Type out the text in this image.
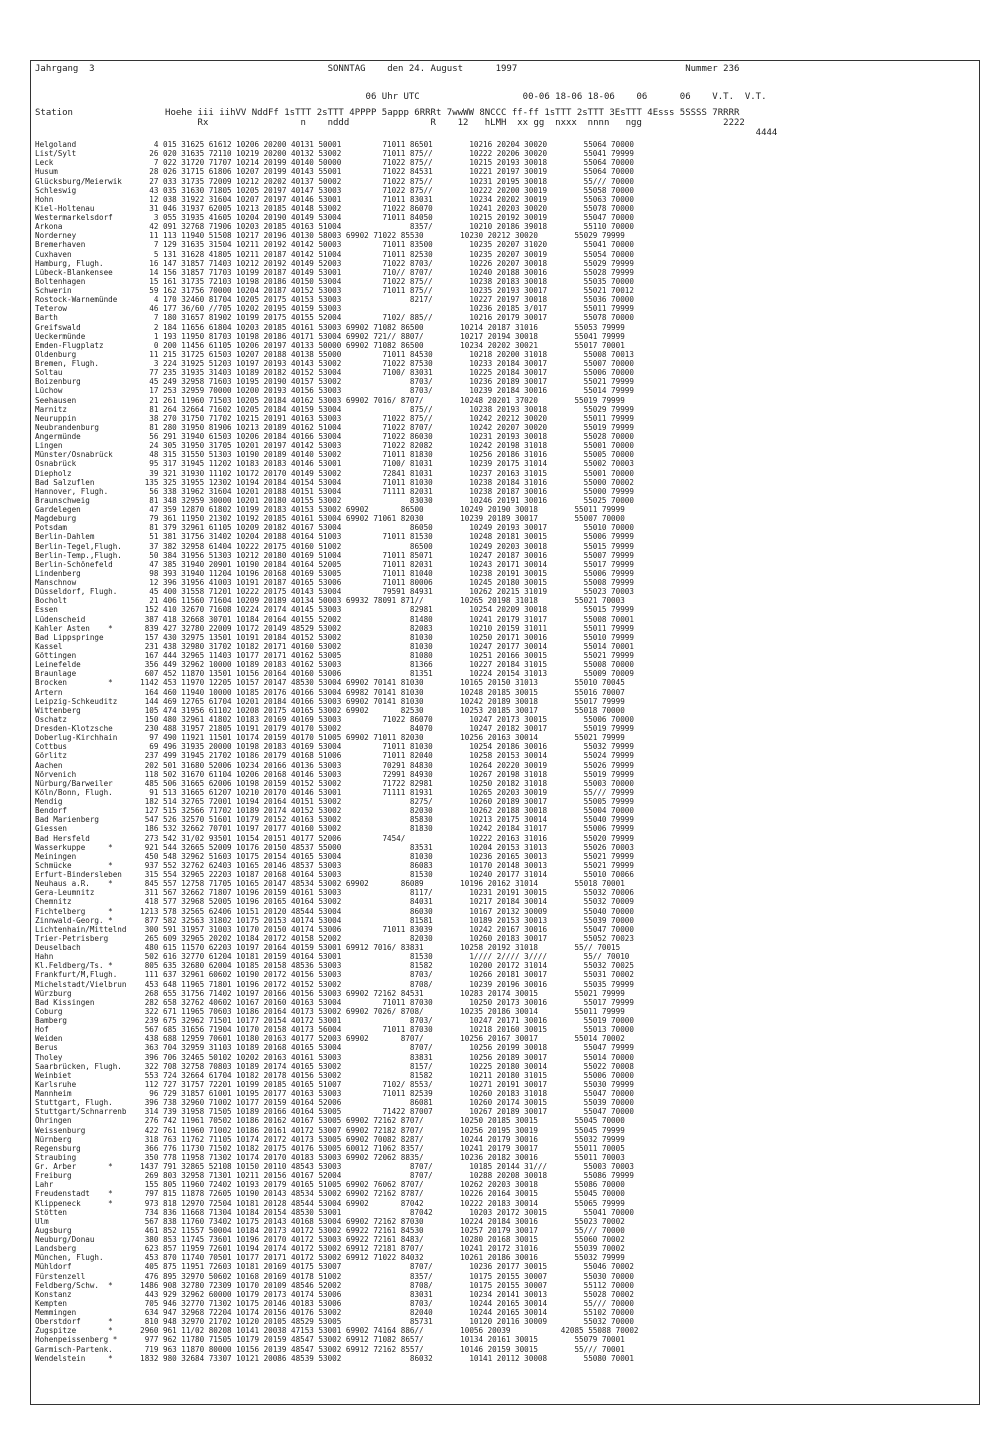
Jahrgang  3                                           SONNTAG    den 24. August      1997                               Nummer 236
06 Uhr UTC                   00-06 18-06 18-06    06      06    V.T.  V.T.
Station                 Hoehe iii iihVV NddFf 1sTTT 2sTTT 4PPPP 5appp 6RRRt 7wwWW 8NCCC ff-ff 1sTTT 2sTTT 3EsTTT 4Esss 5SSSS 7RRRR
Rx                 n    nddd               R    12   hLMH  xx gg  nxxx  nnnn   ngg               2222
4444
Helgoland                 4 015 31625 61612 10206 20200 40131 50001         71011 86501        10216 20204 30020        55064 70000
List/Sylt                26 020 31635 72110 10219 20200 40132 53002         71011 875//        10222 20206 30020        55041 79999
Leck                      7 022 31720 71707 10214 20199 40140 50000         71022 875//        10215 20193 30018        55064 70000
Husum                    28 026 31715 61806 10207 20199 40143 55001         71022 84531        10221 20197 30019        55064 70000
Glücksburg/Meierwik      27 033 31735 72009 10212 20202 40137 50002         71022 875//        10231 20195 30018        55/// 70000
Schleswig                43 035 31630 71805 10205 20197 40147 53003         71022 875//        10222 20200 30019        55058 70000
Hohn                     12 038 31922 31604 10207 20197 40146 53001         71011 83031        10234 20202 30019        55063 70000
Kiel-Holtenau            31 046 31937 62005 10213 20185 40148 53002         71022 86070        10241 20203 30020        55078 70000
Westermarkelsdorf         3 055 31935 41605 10204 20190 40149 53004         71011 84050        10215 20192 30019        55047 70000
Arkona                   42 091 32768 71906 10203 20185 40163 51004               8357/        10210 20186 39018        55110 70000
Norderney                11 113 11940 51508 10217 20196 40130 58003 69902 71022 85530        10230 20212 30020        55029 79999
Bremerhaven               7 129 31635 31504 10211 20192 40142 50003         71011 83500        10235 20207 31020        55041 70000
Cuxhaven                  5 131 31628 41805 10211 20187 40142 51004         71011 82530        10235 20207 30019        55054 70000
Hamburg, Flugh.          16 147 31857 71403 10212 20192 40149 52003         71022 8703/        10226 20207 30018        55029 79999
Lübeck-Blankensee        14 156 31857 71703 10199 20187 40149 53001         710// 8707/        10240 20188 30016        55028 79999
Boltenhagen              15 161 31735 72103 10198 20186 40150 53004         71022 875//        10238 20183 30018        55035 70000
Schwerin                 59 162 31756 70000 10204 20187 40152 53003         71011 875//        10235 20193 30017        55021 70012
Rostock-Warnemünde        4 170 32460 81704 10205 20175 40153 53003               8217/        10227 20197 30018        55036 70000
Teterow                  46 177 36/60 //705 10202 20195 40159 53003                            10236 20185 3/017        55011 79999
Barth                     7 180 31657 81902 10199 20175 40155 52004         7102/ 885//        10216 20179 30017        55078 70000
Greifswald                2 184 11656 61804 10203 20185 40161 53003 69902 71082 86500        10214 20187 31016        55053 79999
Ueckermünde               1 193 11950 81703 10198 20186 40171 53004 69902 721// 8807/        10217 20194 30018        55041 79999
Emden-Flugplatz           0 200 11456 61105 10206 20197 40133 50000 69902 71082 86500        10234 20202 30021        55017 70001
Oldenburg                11 215 31725 61503 10207 20188 40138 55000         71011 84530        10218 20200 31018        55008 70013
Bremen, Flugh.            3 224 31925 51203 10197 20193 40143 53002         71022 87530        10233 20184 30017        55007 70000
Soltau                   77 235 31935 31403 10189 20182 40152 53004         7100/ 83031        10225 20184 30017        55006 70000
Boizenburg               45 249 32958 71603 10195 20190 40157 53002               8703/        10236 20189 30017        55021 79999
Lüchow                   17 253 32959 70000 10200 20193 40156 53003               8703/        10239 20184 30016        55014 79999
Seehausen                21 261 11960 71503 10205 20184 40162 53003 69902 7016/ 8707/        10248 20201 37020        55019 79999
Marnitz                  81 264 32664 71602 10205 20184 40159 53004               875//        10238 20193 30018        55029 79999
Neuruppin                38 270 31750 71702 10215 20191 40163 53003         71022 875//        10242 20212 30020        55011 79999
Neubrandenburg           81 280 31950 81906 10213 20189 40162 51004         71022 8707/        10242 20207 30020        55019 79999
Angermünde               56 291 31940 61503 10206 20184 40166 53004         71022 86030        10231 20193 30018        55028 70000
Lingen                   24 305 31950 31705 10201 20197 40142 53003         71022 82082        10242 20198 31018        55001 70000
Münster/Osnabrück        48 315 31550 51303 10190 20189 40140 53002         71011 81830        10256 20186 31016        55005 70000
Osnabrück                95 317 31945 11202 10183 20183 40146 53001         7100/ 81031        10239 20175 31014        55002 70003
Diepholz                 39 321 31930 11102 10172 20170 40149 53002         72841 81031        10237 20163 31015        55001 70000
Bad Salzuflen           135 325 31955 12302 10194 20184 40154 53004         71011 81030        10238 20184 31016        55000 70002
Hannover, Flugh.         56 338 31962 31604 10201 20188 40151 53004         71111 82031        10238 20187 30016        55000 79999
Braunschweig             81 348 32959 30000 10201 20180 40155 53002               83030        10246 20191 30016        55025 70000
Gardelegen               47 359 12870 61802 10199 20183 40153 53002 69902       86500        10249 20190 30018        55011 79999
Magdeburg                79 361 11950 21302 10192 20185 40161 53004 69902 71061 82030        10239 20189 30017        55007 70000
Potsdam                  81 379 32961 61105 10209 20182 40167 53004               86050        10249 20193 30017        55010 70000
Berlin-Dahlem            51 381 31756 31402 10204 20188 40164 51003         71011 81530        10248 20181 30015        55006 79999
Berlin-Tegel,Flugh.      37 382 32958 61404 10222 20175 40160 51002               86500        10249 20203 30018        55015 79999
Berlin-Temp.,Flugh.      50 384 31956 51303 10212 20180 40169 51004         71011 85071        10247 20187 30016        55007 79999
Berlin-Schönefeld        47 385 31940 20901 10190 20184 40164 52005         71011 82031        10243 20171 30014        55017 79999
Lindenberg               98 393 31940 11204 10196 20168 40169 53005         71011 81040        10238 20191 30015        55006 79999
Manschnow                12 396 31956 41003 10191 20187 40165 53006         71011 80006        10245 20180 30015        55008 79999
Düsseldorf, Flugh.       45 400 31558 71201 10222 20175 40143 53004         79591 84931        10262 20215 31019        55023 70003
Bocholt                  21 406 11560 71604 10209 20189 40134 50003 69932 78091 871//        10265 20198 31018        55021 70003
Essen                   152 410 32670 71608 10224 20174 40145 53003               82981        10254 20209 30018        55015 79999
Lüdenscheid             387 418 32668 30701 10184 20164 40155 52002               81480        10241 20179 31017        55008 70001
Kahler Asten    *       839 427 32780 22009 10172 20149 48529 53002               82083        10210 20159 31011        55011 79999
Bad Lippspringe         157 430 32975 13501 10191 20184 40152 53002               81030        10250 20171 30016        55010 79999
Kassel                  231 438 32980 31702 10182 20171 40160 53002               81030        10247 20177 30014        55014 70001
Göttingen               167 444 32965 11403 10177 20171 40162 53005               81080        10251 20166 30015        55021 79999
Leinefelde              356 449 32962 10000 10189 20183 40162 53003               81366        10227 20184 31015        55008 70000
Braunlage               607 452 11870 13501 10156 20164 40160 53006               81351        10224 20154 31013        55009 70009
Brocken         *      1142 453 11970 12205 10157 20147 48530 53004 69902 70141 81030        10165 20150 31013        55010 70045
Artern                  164 460 11940 10000 10185 20176 40166 53004 69982 70141 81030        10248 20185 30015        55016 70007
Leipzig-Schkeuditz      144 469 12765 61704 10201 20184 40166 53003 69902 70141 81030        10242 20189 30018        55017 79999
Wittenberg              105 474 31956 61102 10208 20175 40165 53002 69902       82530        10253 20185 30017        55018 70000
Oschatz                 150 480 32961 41802 10183 20169 40169 53003         71022 86070        10247 20173 30015        55006 70000
Dresden-Klotzsche       230 488 31957 21805 10191 20179 40170 53002               84070        10247 20182 30017        55019 79999
Doberlug-Kirchhain       97 490 11921 11501 10174 20159 40170 51005 69902 71011 82030        10256 20163 30014        55021 79999
Cottbus                  69 496 31935 20000 10198 20183 40169 53004         71011 81030        10254 20186 30016        55032 79999
Görlitz                 237 499 31945 21702 10186 20179 40168 51006         71011 82040        10258 20153 30014        55024 79999
Aachen                  202 501 31680 52006 10234 20166 40136 53003         70291 84830        10264 20220 30019        55026 79999
Nörvenich               118 502 31670 61104 10206 20168 40146 53003         72991 84930        10267 20198 31018        55019 79999
Nürburg/Barweiler       485 506 31665 62006 10198 20159 40152 53002         71722 82981        10250 20182 31018        55003 70000
Köln/Bonn, Flugh.        91 513 31665 61207 10210 20170 40146 53001         71111 81931        10265 20203 30019        55/// 79999
Mendig                  182 514 32765 72001 10194 20164 40151 53002               8275/        10260 20189 30017        55005 79999
Bendorf                 127 515 32566 71702 10189 20174 40152 53002               82030        10262 20188 30018        55004 70000
Bad Marienberg          547 526 32570 51601 10179 20152 40163 53002               85830        10213 20175 30014        55040 79999
Giessen                 186 532 32662 70701 10197 20177 40160 53002               81830        10242 20184 31017        55006 79999
Bad Hersfeld            273 542 31/02 93501 10154 20151 40177 52006         7454/              10222 20163 31016        55020 79999
Wasserkuppe     *       921 544 32665 52009 10176 20150 48537 55000               83531        10204 20153 31013        55026 70003
Meiningen               450 548 32962 51603 10175 20154 40165 53004               81030        10236 20165 30013        55021 79999
Schmücke        *       937 552 32762 62403 10165 20146 48537 53003               86083        10170 20148 30013        55021 79999
Erfurt-Bindersleben     315 554 32965 22203 10187 20168 40164 53003               81530        10240 20177 31014        55010 70066
Neuhaus a.R.    *       845 557 12758 71705 10165 20147 48534 53002 69902       86089        10196 20162 31014        55018 70001
Gera-Leumnitz           311 567 32662 71807 10196 20159 40161 53003               8117/        10231 20191 30015        55032 70006
Chemnitz                418 577 32968 52005 10196 20165 40164 53002               84031        10217 20184 30014        55032 70009
Fichtelberg     *      1213 578 32565 62406 10151 20120 48544 53004               86030        10167 20132 30009        55040 70000
Zinnwald-Georg. *       877 582 32563 31802 10175 20153 40174 53004               81581        10189 20153 30013        55039 70000
Lichtenhain/Mittelnd    300 591 31957 31003 10170 20150 40174 53006         71011 83039        10242 20167 30016        55047 70000
Trier-Petrisberg        265 609 32965 20202 10184 20172 40158 52002               82030        10260 20183 30017        55052 70023
Deuselbach              480 615 11570 62203 10197 20164 40159 53001 69912 7016/ 83831        10258 20192 31018        55// 70015
Hahn                    502 616 32770 61204 10181 20159 40164 53001               81530        1//// 2//// 3////        55// 70010
Kl.Feldberg/Ts. *       805 635 32680 62004 10185 20158 48536 53003               81582        10200 20172 31014        55032 70025
Frankfurt/M,Flugh.      111 637 32961 60602 10190 20172 40156 53003               8703/        10266 20181 30017        55031 70002
Michelstadt/Vielbrun    453 648 11965 71801 10196 20172 40152 53002               8708/        10239 20196 30016        55035 79999
Würzburg                268 655 31756 71402 10197 20166 40156 53003 69902 72162 84531        10283 20174 30015        55021 79999
Bad Kissingen           282 658 32762 40602 10167 20160 40163 53004         71011 87030        10250 20173 30016        55017 79999
Coburg                  322 671 11965 70603 10186 20164 40173 53002 69902 7026/ 8708/        10235 20186 30014        55011 79999
Bamberg                 239 675 32962 71501 10177 20154 40172 53001               8703/        10247 20171 30016        55019 70000
Hof                     567 685 31656 71904 10170 20158 40173 56004         71011 87030        10218 20160 30015        55013 70000
Weiden                  438 688 12959 70601 10180 20163 40177 52003 69902       8707/        10256 20167 30017        55014 70002
Berus                   363 704 32959 31103 10189 20168 40165 53004               8707/        10256 20199 30018        55047 79999
Tholey                  396 706 32465 50102 10202 20163 40161 53003               83831        10256 20189 30017        55014 70000
Saarbrücken, Flugh.     322 708 32758 70803 10189 20174 40165 53002               8157/        10225 20180 30014        55022 70008
Weinbiet                553 724 32664 61704 10182 20178 40156 53002               81582        10211 20180 31015        55006 70000
Karlsruhe               112 727 31757 72201 10199 20185 40165 51007         7102/ 8553/        10271 20191 30017        55030 79999
Mannheim                 96 729 31857 61001 10195 20177 40163 53003         71011 82539        10260 20183 31018        55047 70000
Stuttgart, Flugh.       396 738 32960 71002 10177 20159 40164 52006               86081        10260 20174 30015        55039 70000
Stuttgart/Schnarrenb    314 739 31958 71505 10189 20166 40164 53005         71422 87007        10267 20189 30017        55047 70000
Öhringen                276 742 11961 70502 10186 20162 40167 53005 69902 72162 8707/        10250 20185 30015        55045 70000
Weissenburg             422 761 11960 71002 10186 20161 40172 53007 69902 72182 8707/        10256 20195 30019        55045 79999
Nürnberg                318 763 11762 71105 10174 20172 40173 53005 69902 70082 8287/        10244 20179 30016        55032 79999
Regensburg              366 776 11730 71502 10182 20175 40176 53005 60012 71062 8357/        10241 20179 30017        55011 70005
Straubing               350 778 11958 71302 10174 20170 40183 53003 69902 72062 8835/        10236 20182 30016        55011 70003
Gr. Arber       *      1437 791 32865 52108 10150 20110 48543 53003               8707/        10185 20144 31///        55003 70003
Freiburg                269 803 32958 71301 10211 20156 40167 52004               8707/        10288 20208 30018        55086 79999
Lahr                    155 805 11960 72402 10193 20179 40165 51005 69902 76062 8707/        10262 20203 30018        55086 70000
Freudenstadt    *       797 815 11878 72605 10190 20143 48534 53002 69902 72162 8787/        10226 20164 30015        55045 70000
Klippeneck      *       973 818 12970 72504 10181 20128 48544 53004 69902       87042        10222 20183 30014        55065 79999
Stötten                 734 836 11668 71304 10184 20154 48530 53001               87042        10203 20172 30015        55041 70000
Ulm                     567 838 11760 73402 10175 20143 40168 53004 69902 72162 87030        10224 20184 30016        55023 70002
Augsburg                461 852 11557 50004 10184 20173 40172 53002 69922 72161 84530        10257 20179 30017        55/// 70000
Neuburg/Donau           380 853 11745 73601 10196 20170 40172 53003 69922 72161 8483/        10280 20168 30015        55060 70002
Landsberg               623 857 11959 72601 10194 20174 40172 53002 69912 72181 8707/        10241 20172 31016        55039 70002
München, Flugh.         453 870 11740 70501 10177 20171 40172 53002 69912 71022 84032        10261 20186 30016        55032 79999
Mühldorf                405 875 11951 72603 10181 20169 40175 53007               8707/        10236 20177 30015        55046 70002
Fürstenzell             476 895 32970 50602 10168 20169 40178 51002               8357/        10175 20155 30007        55030 70000
Feldberg/Schw.  *      1486 908 32780 72309 10170 20109 48546 52002               8708/        10175 20155 30007        55112 70000
Konstanz                443 929 32962 60000 10179 20173 40174 53006               83031        10234 20141 30013        55028 70002
Kempten                 705 946 32770 71302 10175 20146 40183 53006               8703/        10244 20165 30014        55/// 70000
Memmingen               634 947 32968 72204 10174 20156 40176 53002               82040        10244 20165 30014        55102 70000
Oberstdorf      *       810 948 32970 21702 10120 20105 48529 53005               85731        10120 20116 30009        55032 70000
Zugspitze       *      2960 961 11/02 80208 10141 20038 47153 53001 69902 74164 886//        10056 20039           42085 55088 70002
Hohenpeissenberg *      977 962 11780 71505 10179 20159 48547 53002 69912 71082 8657/        10134 20161 30015        55079 70001
Garmisch-Partenk.       719 963 11870 80000 10156 20139 48547 53002 69912 72162 8557/        10146 20159 30015        55/// 70001
Wendelstein     *      1832 980 32684 73307 10121 20086 48539 53002               86032        10141 20112 30008        55080 70001
